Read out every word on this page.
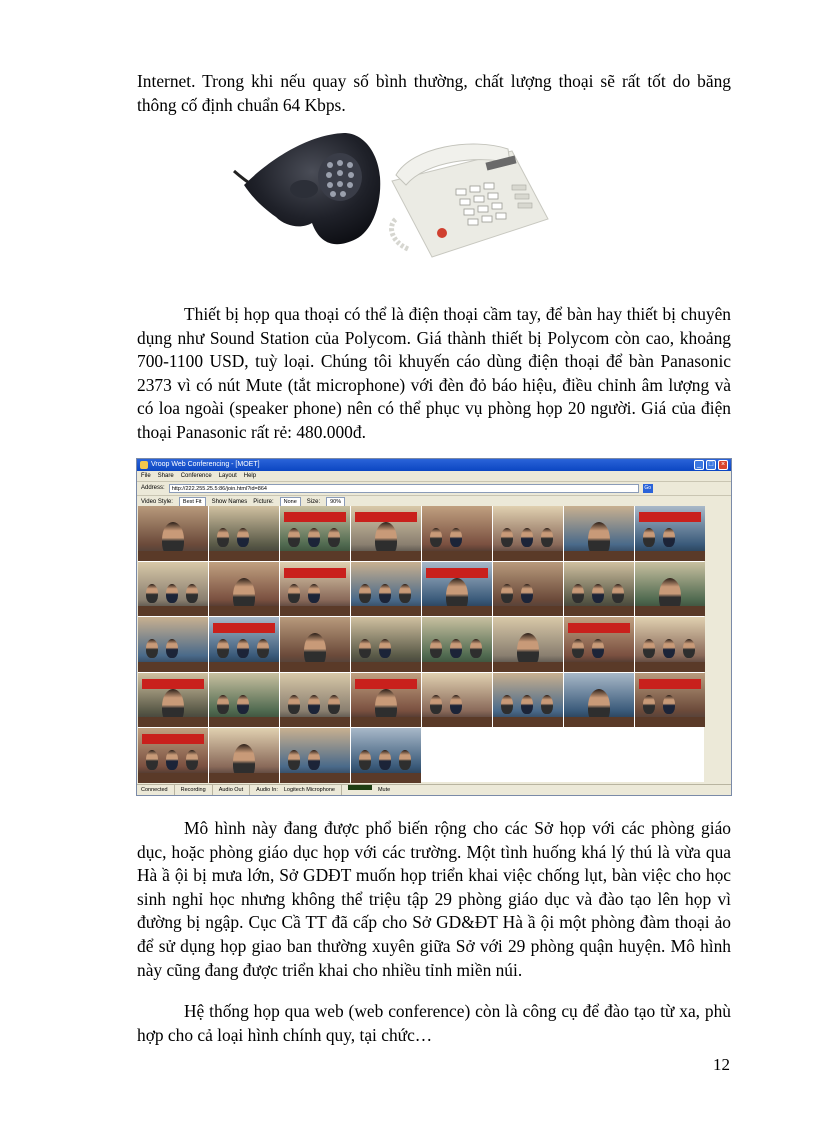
Internet. Trong khi nếu quay số bình thường, chất lượng thoại sẽ rất tốt do băng thông cố định chuẩn 64 Kbps.

Thiết bị họp qua thoại có thể là điện thoại cầm tay, để bàn hay thiết bị chuyên dụng như Sound Station của Polycom. Giá thành thiết bị Polycom còn cao, khoảng 700-1100 USD, tuỳ loại. Chúng tôi khuyến cáo dùng điện thoại để bàn Panasonic 2373 vì có nút Mute (tắt microphone) với đèn đỏ báo hiệu, điều chỉnh âm lượng và có loa ngoài (speaker phone) nên có thể phục vụ phòng họp 20 người. Giá của điện thoại Panasonic rất rẻ: 480.000đ.

Vroop Web Conferencing - [MOET]	_	□	×
File Share Conference Layout Help
Address:	http://222.255.25.5:86/join.html?id=864	Go
Video Style:	Best Fit	Show Names Picture:	None	Size:	90%
Connected	Recording	Audio Out	Audio In: Logitech Microphone	Mute

Mô hình này đang được phổ biến rộng cho các Sở họp với các phòng giáo dục, hoặc phòng giáo dục họp với các trường. Một tình huống khá lý thú là vừa qua Hà ầ ội bị mưa lớn, Sở GDĐT muốn họp triển khai việc chống lụt, bàn việc cho học sinh nghỉ học nhưng không thể triệu tập 29 phòng giáo dục và đào tạo lên họp vì đường bị ngập. Cục Cầ TT đã cấp cho Sở GD&ĐT Hà ầ ội một phòng đàm thoại ảo để sử dụng họp giao ban thường xuyên giữa Sở với 29 phòng quận huyện. Mô hình này cũng đang được triển khai cho nhiều tỉnh miền núi.

Hệ thống họp qua web (web conference) còn là công cụ để đào tạo từ xa, phù hợp cho cả loại hình chính quy, tại chức…

12
